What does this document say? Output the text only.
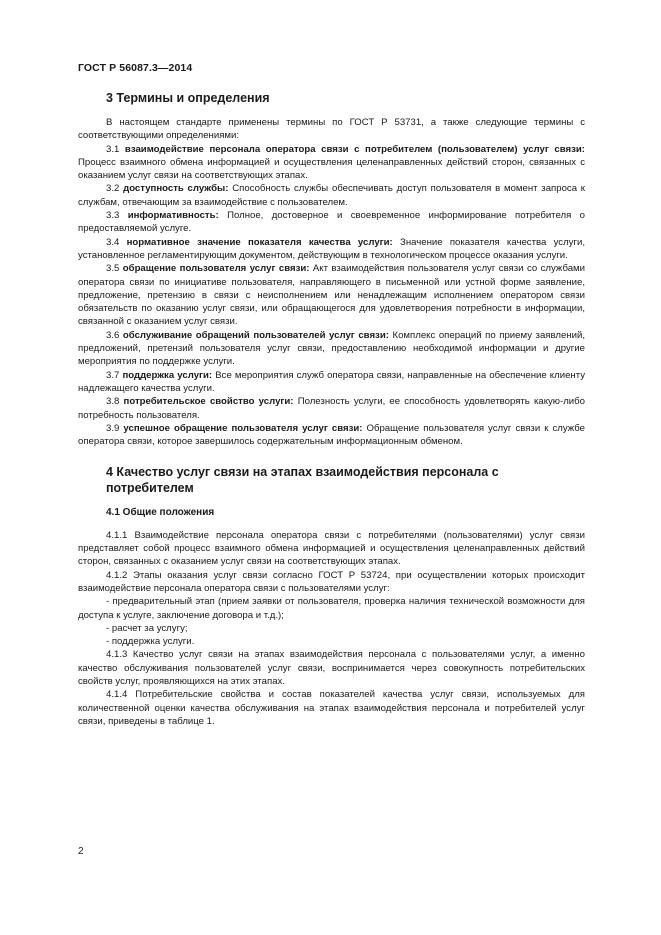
ГОСТ Р 56087.3—2014
3 Термины и определения

В настоящем стандарте применены термины по ГОСТ Р 53731, а также следующие термины с соответствующими определениями:

3.1 взаимодействие персонала оператора связи с потребителем (пользователем) услуг связи: Процесс взаимного обмена информацией и осуществления целенаправленных действий сторон, связанных с оказанием услуг связи на соответствующих этапах.

3.2 доступность службы: Способность службы обеспечивать доступ пользователя в момент запроса к службам, отвечающим за взаимодействие с пользователем.

3.3 информативность: Полное, достоверное и своевременное информирование потребителя о предоставляемой услуге.

3.4 нормативное значение показателя качества услуги: Значение показателя качества услуги, установленное регламентирующим документом, действующим в технологическом процессе оказания услуги.

3.5 обращение пользователя услуг связи: Акт взаимодействия пользователя услуг связи со службами оператора связи по инициативе пользователя, направляющего в письменной или устной форме заявление, предложение, претензию в связи с неисполнением или ненадлежащим исполнением оператором связи обязательств по оказанию услуг связи, или обращающегося для удовлетворения потребности в информации, связанной с оказанием услуг связи.

3.6 обслуживание обращений пользователей услуг связи: Комплекс операций по приему заявлений, предложений, претензий пользователя услуг связи, предоставлению необходимой информации и другие мероприятия по поддержке услуги.

3.7 поддержка услуги: Все мероприятия служб оператора связи, направленные на обеспечение клиенту надлежащего качества услуги.

3.8 потребительское свойство услуги: Полезность услуги, ее способность удовлетворять какую-либо потребность пользователя.

3.9 успешное обращение пользователя услуг связи: Обращение пользователя услуг связи к службе оператора связи, которое завершилось содержательным информационным обменом.

4 Качество услуг связи на этапах взаимодействия персонала с потребителем
4.1 Общие положения

4.1.1 Взаимодействие персонала оператора связи с потребителями (пользователями) услуг связи представляет собой процесс взаимного обмена информацией и осуществления целенаправленных действий сторон, связанных с оказанием услуг связи на соответствующих этапах.

4.1.2 Этапы оказания услуг связи согласно ГОСТ Р 53724, при осуществлении которых происходит взаимодействие персонала оператора связи с пользователями услуг:

- предварительный этап (прием заявки от пользователя, проверка наличия технической возможности для доступа к услуге, заключение договора и т.д.);

- расчет за услугу;

- поддержка услуги.

4.1.3 Качество услуг связи на этапах взаимодействия персонала с пользователями услуг, а именно качество обслуживания пользователей услуг связи, воспринимается через совокупность потребительских свойств услуг, проявляющихся на этих этапах.

4.1.4 Потребительские свойства и состав показателей качества услуг связи, используемых для количественной оценки качества обслуживания на этапах взаимодействия персонала и потребителей услуг связи, приведены в таблице 1.

2
